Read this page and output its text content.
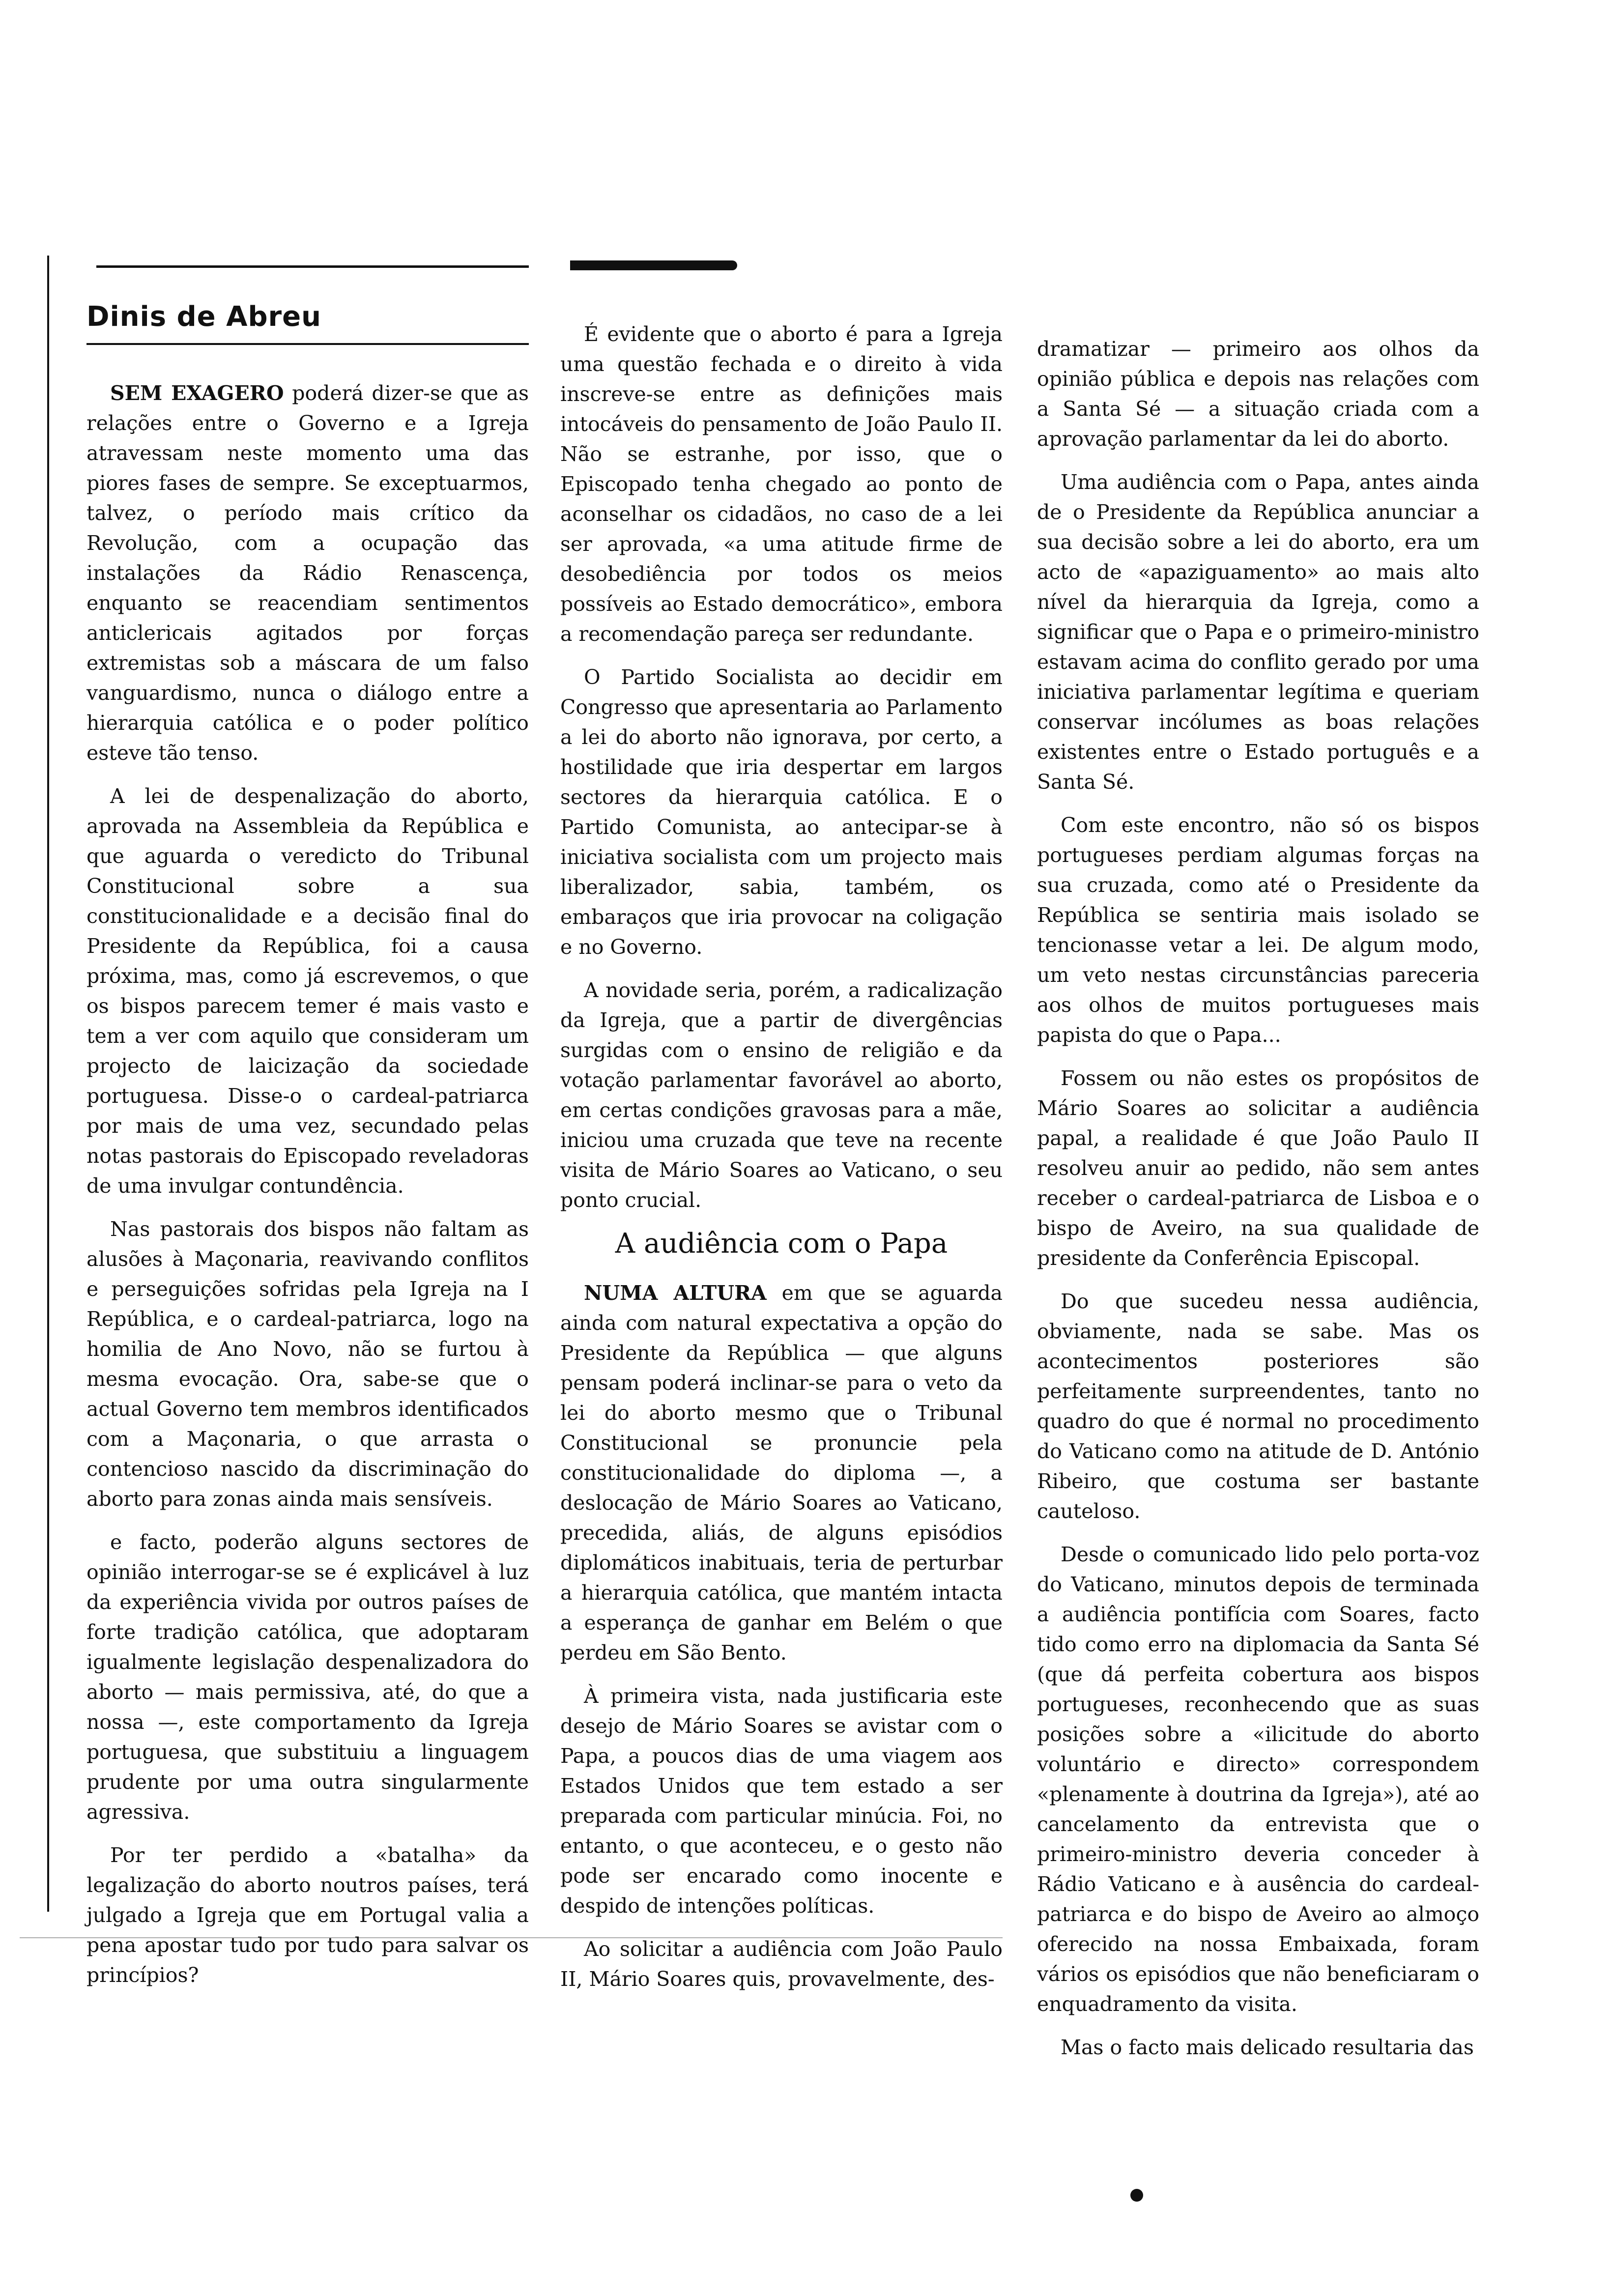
Dinis de Abreu

SEM EXAGERO poderá dizer-se que as relações entre o Governo e a Igreja atravessam neste momento uma das piores fases de sempre. Se exceptuarmos, talvez, o período mais crítico da Revolução, com a ocupação das instalações da Rádio Renascença, enquanto se reacendiam sentimentos anticlericais agitados por forças extremistas sob a máscara de um falso vanguardismo, nunca o diálogo entre a hierarquia católica e o poder político esteve tão tenso.

A lei de despenalização do aborto, aprovada na Assembleia da República e que aguarda o veredicto do Tribunal Constitucional sobre a sua constitucionalidade e a decisão final do Presidente da República, foi a causa próxima, mas, como já escrevemos, o que os bispos parecem temer é mais vasto e tem a ver com aquilo que consideram um projecto de laicização da sociedade portuguesa. Disse-o o cardeal-patriarca por mais de uma vez, secundado pelas notas pastorais do Episcopado reveladoras de uma invulgar contundência.

Nas pastorais dos bispos não faltam as alusões à Maçonaria, reavivando conflitos e perseguições sofridas pela Igreja na I República, e o cardeal-patriarca, logo na homilia de Ano Novo, não se furtou à mesma evocação. Ora, sabe-se que o actual Governo tem membros identificados com a Maçonaria, o que arrasta o contencioso nascido da discriminação do aborto para zonas ainda mais sensíveis.

e facto, poderão alguns sectores de opinião interrogar-se se é explicável à luz da experiência vivida por outros países de forte tradição católica, que adoptaram igualmente legislação despenalizadora do aborto — mais permissiva, até, do que a nossa —, este comportamento da Igreja portuguesa, que substituiu a linguagem prudente por uma outra singularmente agressiva.

Por ter perdido a «batalha» da legalização do aborto noutros países, terá julgado a Igreja que em Portugal valia a pena apostar tudo por tudo para salvar os princípios?

É evidente que o aborto é para a Igreja uma questão fechada e o direito à vida inscreve-se entre as definições mais intocáveis do pensamento de João Paulo II. Não se estranhe, por isso, que o Episcopado tenha chegado ao ponto de aconselhar os cidadãos, no caso de a lei ser aprovada, «a uma atitude firme de desobediência por todos os meios possíveis ao Estado democrático», embora a recomendação pareça ser redundante.

O Partido Socialista ao decidir em Congresso que apresentaria ao Parlamento a lei do aborto não ignorava, por certo, a hostilidade que iria despertar em largos sectores da hierarquia católica. E o Partido Comunista, ao antecipar-se à iniciativa socialista com um projecto mais liberalizador, sabia, também, os embaraços que iria provocar na coligação e no Governo.

A novidade seria, porém, a radicalização da Igreja, que a partir de divergências surgidas com o ensino de religião e da votação parlamentar favorável ao aborto, em certas condições gravosas para a mãe, iniciou uma cruzada que teve na recente visita de Mário Soares ao Vaticano, o seu ponto crucial.

A audiência com o Papa

NUMA ALTURA em que se aguarda ainda com natural expectativa a opção do Presidente da República — que alguns pensam poderá inclinar-se para o veto da lei do aborto mesmo que o Tribunal Constitucional se pronuncie pela constitucionalidade do diploma —, a deslocação de Mário Soares ao Vaticano, precedida, aliás, de alguns episódios diplomáticos inabituais, teria de perturbar a hierarquia católica, que mantém intacta a esperança de ganhar em Belém o que perdeu em São Bento.

À primeira vista, nada justificaria este desejo de Mário Soares se avistar com o Papa, a poucos dias de uma viagem aos Estados Unidos que tem estado a ser preparada com particular minúcia. Foi, no entanto, o que aconteceu, e o gesto não pode ser encarado como inocente e despido de intenções políticas.

Ao solicitar a audiência com João Paulo II, Mário Soares quis, provavelmente, des-

dramatizar — primeiro aos olhos da opinião pública e depois nas relações com a Santa Sé — a situação criada com a aprovação parlamentar da lei do aborto.

Uma audiência com o Papa, antes ainda de o Presidente da República anunciar a sua decisão sobre a lei do aborto, era um acto de «apaziguamento» ao mais alto nível da hierarquia da Igreja, como a significar que o Papa e o primeiro-ministro estavam acima do conflito gerado por uma iniciativa parlamentar legítima e queriam conservar incólumes as boas relações existentes entre o Estado português e a Santa Sé.

Com este encontro, não só os bispos portugueses perdiam algumas forças na sua cruzada, como até o Presidente da República se sentiria mais isolado se tencionasse vetar a lei. De algum modo, um veto nestas circunstâncias pareceria aos olhos de muitos portugueses mais papista do que o Papa...

Fossem ou não estes os propósitos de Mário Soares ao solicitar a audiência papal, a realidade é que João Paulo II resolveu anuir ao pedido, não sem antes receber o cardeal-patriarca de Lisboa e o bispo de Aveiro, na sua qualidade de presidente da Conferência Episcopal.

Do que sucedeu nessa audiência, obviamente, nada se sabe. Mas os acontecimentos posteriores são perfeitamente surpreendentes, tanto no quadro do que é normal no procedimento do Vaticano como na atitude de D. António Ribeiro, que costuma ser bastante cauteloso.

Desde o comunicado lido pelo porta-voz do Vaticano, minutos depois de terminada a audiência pontifícia com Soares, facto tido como erro na diplomacia da Santa Sé (que dá perfeita cobertura aos bispos portugueses, reconhecendo que as suas posições sobre a «ilicitude do aborto voluntário e directo» correspondem «plenamente à doutrina da Igreja»), até ao cancelamento da entrevista que o primeiro-ministro deveria conceder à Rádio Vaticano e à ausência do cardeal-patriarca e do bispo de Aveiro ao almoço oferecido na nossa Embaixada, foram vários os episódios que não beneficiaram o enquadramento da visita.

Mas o facto mais delicado resultaria das
